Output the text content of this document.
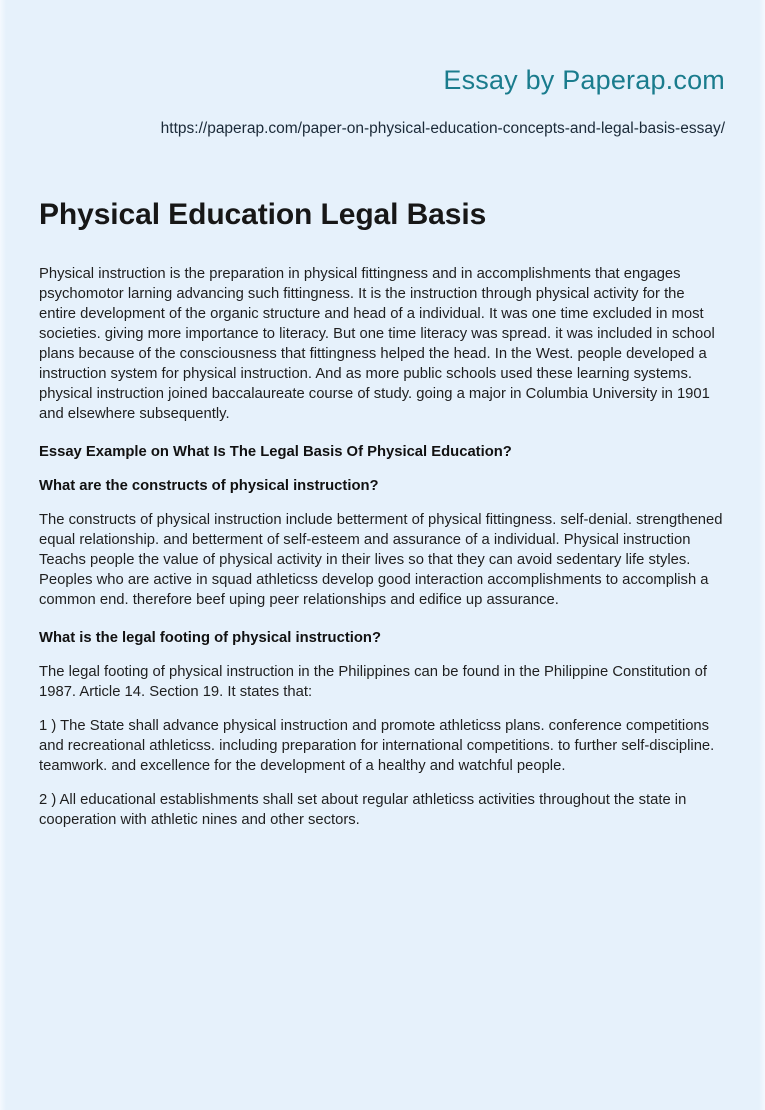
Essay by Paperap.com
https://paperap.com/paper-on-physical-education-concepts-and-legal-basis-essay/
Physical Education Legal Basis

Physical instruction is the preparation in physical fittingness and in accomplishments that engages psychomotor larning advancing such fittingness. It is the instruction through physical activity for the entire development of the organic structure and head of a individual. It was one time excluded in most societies. giving more importance to literacy. But one time literacy was spread. it was included in school plans because of the consciousness that fittingness helped the head. In the West. people developed a instruction system for physical instruction. And as more public schools used these learning systems. physical instruction joined baccalaureate course of study. going a major in Columbia University in 1901 and elsewhere subsequently.

Essay Example on What Is The Legal Basis Of Physical Education?
What are the constructs of physical instruction?

The constructs of physical instruction include betterment of physical fittingness. self-denial. strengthened equal relationship. and betterment of self-esteem and assurance of a individual. Physical instruction Teachs people the value of physical activity in their lives so that they can avoid sedentary life styles. Peoples who are active in squad athleticss develop good interaction accomplishments to accomplish a common end. therefore beef uping peer relationships and edifice up assurance.

What is the legal footing of physical instruction?

The legal footing of physical instruction in the Philippines can be found in the Philippine Constitution of 1987. Article 14. Section 19. It states that:

1 ) The State shall advance physical instruction and promote athleticss plans. conference competitions and recreational athleticss. including preparation for international competitions. to further self-discipline. teamwork. and excellence for the development of a healthy and watchful people.

2 ) All educational establishments shall set about regular athleticss activities throughout the state in cooperation with athletic nines and other sectors.
